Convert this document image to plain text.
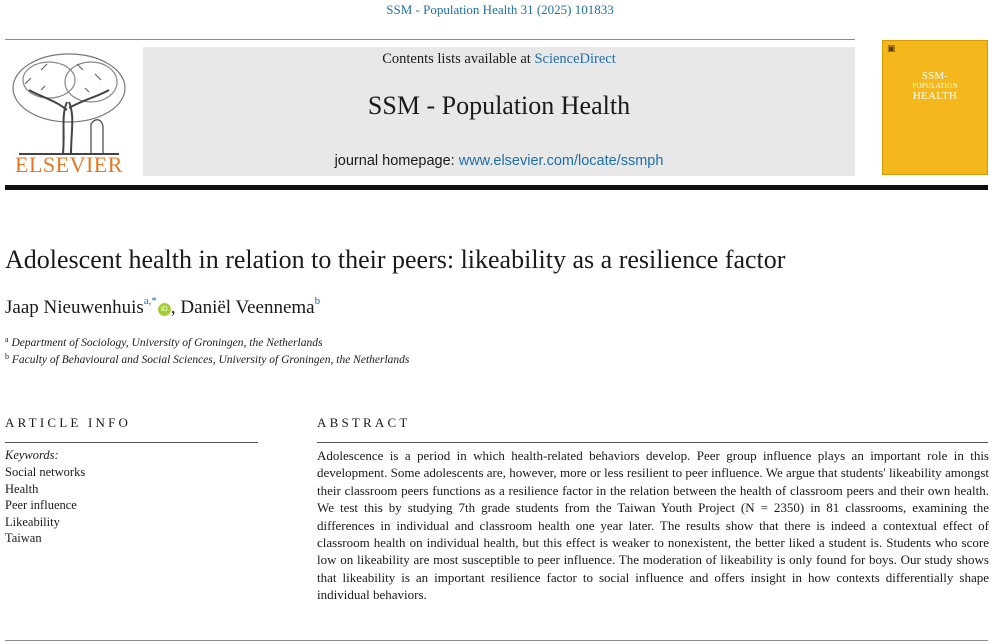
SSM - Population Health 31 (2025) 101833
ELSEVIER
Contents lists available at ScienceDirect
SSM - Population Health
journal homepage: www.elsevier.com/locate/ssmph
▣
SSM-
POPULATION
HEALTH
Adolescent health in relation to their peers: likeability as a resilience factor
Jaap Nieuwenhuis$^{a,*}$iD , Daniël Veennema$^b$
$^a$ Department of Sociology, University of Groningen, the Netherlands
$^b$ Faculty of Behavioural and Social Sciences, University of Groningen, the Netherlands
ARTICLE INFO
Keywords:
Social networks
Health
Peer influence
Likeability
Taiwan
ABSTRACT

Adolescence is a period in which health-related behaviors develop. Peer group influence plays an important role in this development. Some adolescents are, however, more or less resilient to peer influence. We argue that students' likeability amongst their classroom peers functions as a resilience factor in the relation between the health of classroom peers and their own health. We test this by studying 7th grade students from the Taiwan Youth Project (N = 2350) in 81 classrooms, examining the differences in individual and classroom health one year later. The results show that there is indeed a contextual effect of classroom health on individual health, but this effect is weaker to nonexistent, the better liked a student is. Students who score low on likeability are most susceptible to peer influence. The moderation of likeability is only found for boys. Our study shows that likeability is an important resilience factor to social influence and offers insight in how contexts differentially shape individual behaviors.
